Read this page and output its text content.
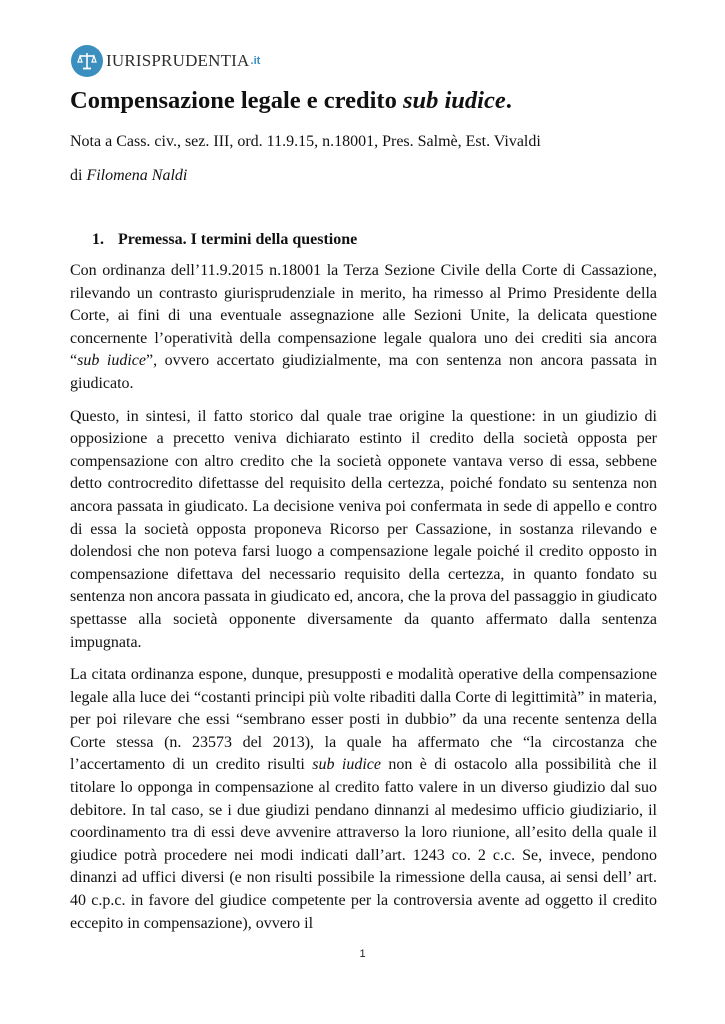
IURISPRUDENTIA .it
Compensazione legale e credito sub iudice.

Nota a Cass. civ., sez. III, ord. 11.9.15, n.18001, Pres. Salmè, Est. Vivaldi

di Filomena Naldi

1. Premessa. I termini della questione

Con ordinanza dell’11.9.2015 n.18001 la Terza Sezione Civile della Corte di Cassazione, rilevando un contrasto giurisprudenziale in merito, ha rimesso al Primo Presidente della Corte, ai fini di una eventuale assegnazione alle Sezioni Unite, la delicata questione concernente l’operatività della compensazione legale qualora uno dei crediti sia ancora “sub iudice”, ovvero accertato giudizialmente, ma con sentenza non ancora passata in giudicato.

Questo, in sintesi, il fatto storico dal quale trae origine la questione: in un giudizio di opposizione a precetto veniva dichiarato estinto il credito della società opposta per compensazione con altro credito che la società opponete vantava verso di essa, sebbene detto controcredito difettasse del requisito della certezza, poiché fondato su sentenza non ancora passata in giudicato. La decisione veniva poi confermata in sede di appello e contro di essa la società opposta proponeva Ricorso per Cassazione, in sostanza rilevando e dolendosi che non poteva farsi luogo a compensazione legale poiché il credito opposto in compensazione difettava del necessario requisito della certezza, in quanto fondato su sentenza non ancora passata in giudicato ed, ancora, che la prova del passaggio in giudicato spettasse alla società opponente diversamente da quanto affermato dalla sentenza impugnata.

La citata ordinanza espone, dunque, presupposti e modalità operative della compensazione legale alla luce dei “costanti principi più volte ribaditi dalla Corte di legittimità” in materia, per poi rilevare che essi “sembrano esser posti in dubbio” da una recente sentenza della Corte stessa (n. 23573 del 2013), la quale ha affermato che “la circostanza che l’accertamento di un credito risulti sub iudice non è di ostacolo alla possibilità che il titolare lo opponga in compensazione al credito fatto valere in un diverso giudizio dal suo debitore. In tal caso, se i due giudizi pendano dinnanzi al medesimo ufficio giudiziario, il coordinamento tra di essi deve avvenire attraverso la loro riunione, all’esito della quale il giudice potrà procedere nei modi indicati dall’art. 1243 co. 2 c.c. Se, invece, pendono dinanzi ad uffici diversi (e non risulti possibile la rimessione della causa, ai sensi dell’ art. 40 c.p.c. in favore del giudice competente per la controversia avente ad oggetto il credito eccepito in compensazione), ovvero il

1
